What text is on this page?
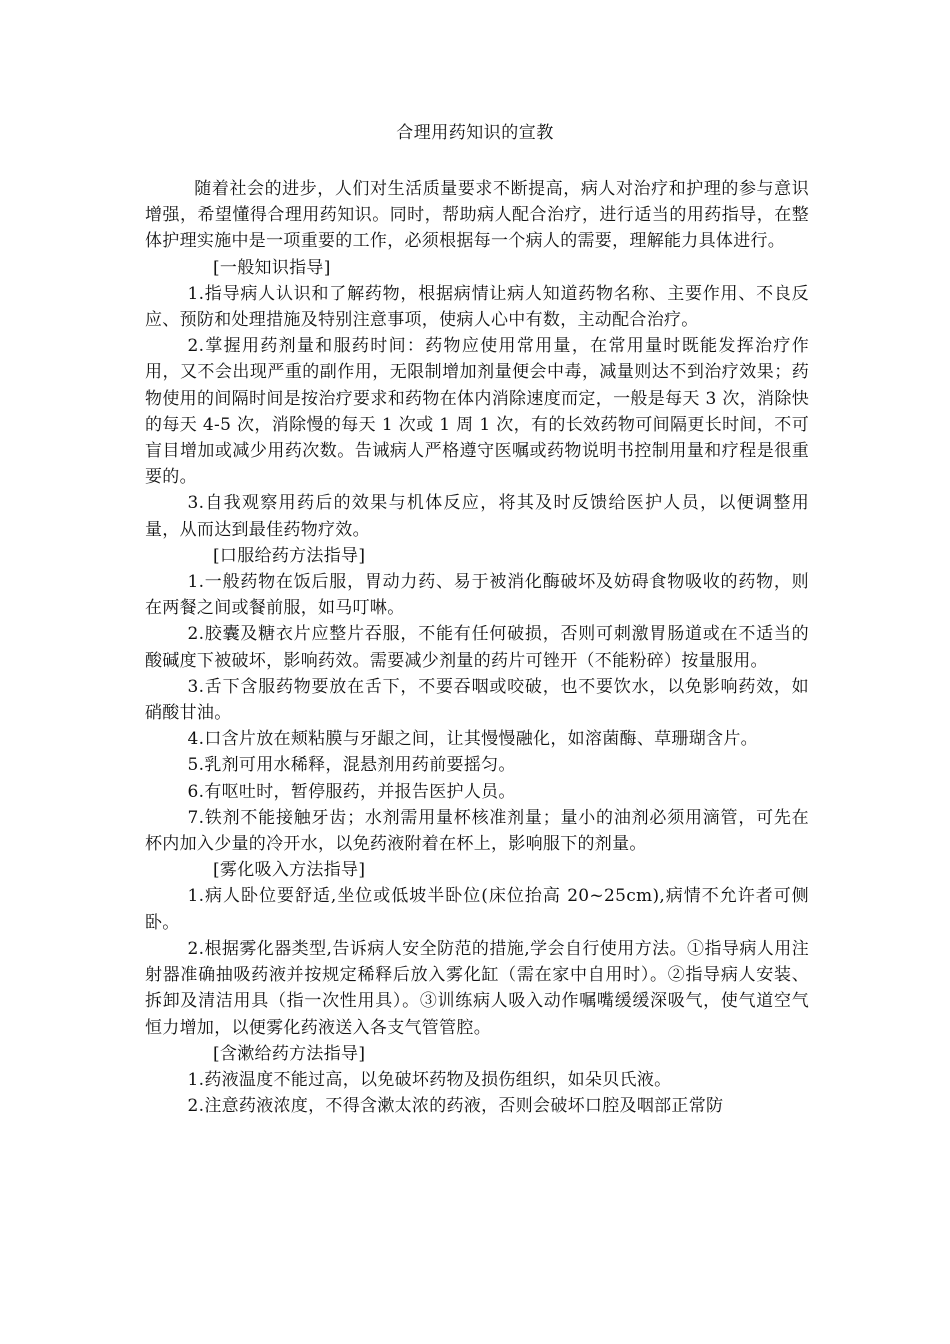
合理用药知识的宣教

随着社会的进步，人们对生活质量要求不断提高，病人对治疗和护理的参与意识增强，希望懂得合理用药知识。同时，帮助病人配合治疗，进行适当的用药指导，在整体护理实施中是一项重要的工作，必须根据每一个病人的需要，理解能力具体进行。

[一般知识指导]

1.指导病人认识和了解药物，根据病情让病人知道药物名称、主要作用、不良反应、预防和处理措施及特别注意事项，使病人心中有数，主动配合治疗。

2.掌握用药剂量和服药时间：药物应使用常用量，在常用量时既能发挥治疗作用，又不会出现严重的副作用，无限制增加剂量便会中毒，减量则达不到治疗效果；药物使用的间隔时间是按治疗要求和药物在体内消除速度而定，一般是每天 3 次，消除快的每天 4-5 次，消除慢的每天 1 次或 1 周 1 次，有的长效药物可间隔更长时间，不可盲目增加或减少用药次数。告诫病人严格遵守医嘱或药物说明书控制用量和疗程是很重要的。

3.自我观察用药后的效果与机体反应，将其及时反馈给医护人员，以便调整用量，从而达到最佳药物疗效。

[口服给药方法指导]

1.一般药物在饭后服，胃动力药、易于被消化酶破坏及妨碍食物吸收的药物，则在两餐之间或餐前服，如马叮啉。

2.胶囊及糖衣片应整片吞服，不能有任何破损，否则可刺激胃肠道或在不适当的酸碱度下被破坏，影响药效。需要减少剂量的药片可锉开（不能粉碎）按量服用。

3.舌下含服药物要放在舌下，不要吞咽或咬破，也不要饮水，以免影响药效，如硝酸甘油。

4.口含片放在颊粘膜与牙龈之间，让其慢慢融化，如溶菌酶、草珊瑚含片。

5.乳剂可用水稀释，混悬剂用药前要摇匀。

6.有呕吐时，暂停服药，并报告医护人员。

7.铁剂不能接触牙齿；水剂需用量杯核准剂量；量小的油剂必须用滴管，可先在杯内加入少量的冷开水，以免药液附着在杯上，影响服下的剂量。

[雾化吸入方法指导]

1.病人卧位要舒适,坐位或低坡半卧位(床位抬高 20~25cm),病情不允许者可侧卧。

2.根据雾化器类型,告诉病人安全防范的措施,学会自行使用方法。①指导病人用注射器准确抽吸药液并按规定稀释后放入雾化缸（需在家中自用时）。②指导病人安装、拆卸及清洁用具（指一次性用具）。③训练病人吸入动作嘱嘴缓缓深吸气，使气道空气恒力增加，以便雾化药液送入各支气管管腔。

[含漱给药方法指导]

1.药液温度不能过高，以免破坏药物及损伤组织，如朵贝氏液。

2.注意药液浓度，不得含漱太浓的药液，否则会破坏口腔及咽部正常防
